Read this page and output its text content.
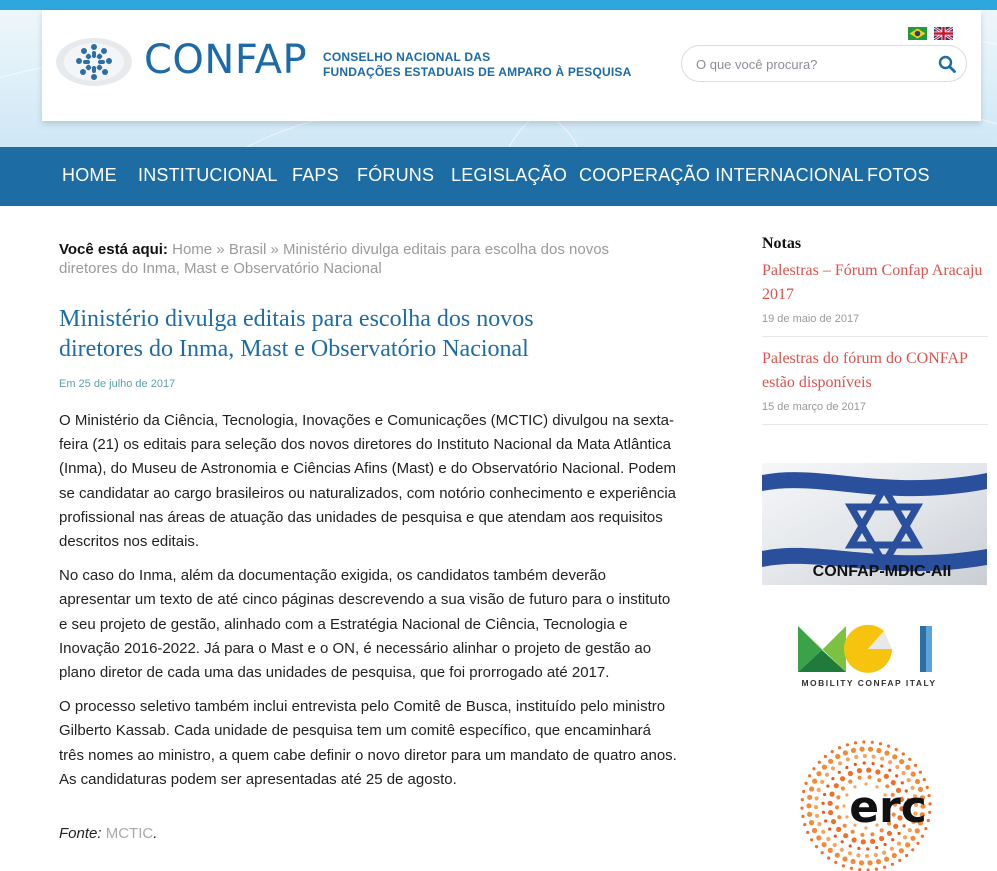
CONFAP CONSELHO NACIONAL DAS
FUNDAÇÕES ESTADUAIS DE AMPARO À PESQUISA

O que você procura?
HOME INSTITUCIONAL FAPS FÓRUNS LEGISLAÇÃO COOPERAÇÃO INTERNACIONAL FOTOS
Você está aqui: Home » Brasil » Ministério divulga editais para escolha dos novos diretores do Inma, Mast e Observatório Nacional
Ministério divulga editais para escolha dos novos diretores do Inma, Mast e Observatório Nacional
Em 25 de julho de 2017

O Ministério da Ciência, Tecnologia, Inovações e Comunicações (MCTIC) divulgou na sexta-feira (21) os editais para seleção dos novos diretores do Instituto Nacional da Mata Atlântica (Inma), do Museu de Astronomia e Ciências Afins (Mast) e do Observatório Nacional. Podem se candidatar ao cargo brasileiros ou naturalizados, com notório conhecimento e experiência profissional nas áreas de atuação das unidades de pesquisa e que atendam aos requisitos descritos nos editais.

No caso do Inma, além da documentação exigida, os candidatos também deverão apresentar um texto de até cinco páginas descrevendo a sua visão de futuro para o instituto e seu projeto de gestão, alinhado com a Estratégia Nacional de Ciência, Tecnologia e Inovação 2016-2022. Já para o Mast e o ON, é necessário alinhar o projeto de gestão ao plano diretor de cada uma das unidades de pesquisa, que foi prorrogado até 2017.

O processo seletivo também inclui entrevista pelo Comitê de Busca, instituído pelo ministro Gilberto Kassab. Cada unidade de pesquisa tem um comitê específico, que encaminhará três nomes ao ministro, a quem cabe definir o novo diretor para um mandato de quatro anos. As candidaturas podem ser apresentadas até 25 de agosto.

Fonte: MCTIC.
Notas
Palestras – Fórum Confap Aracaju 2017
19 de maio de 2017
Palestras do fórum do CONFAP estão disponíveis
15 de março de 2017
CONFAP-MDIC-AII
MOBILITY CONFAP ITALY
erc
